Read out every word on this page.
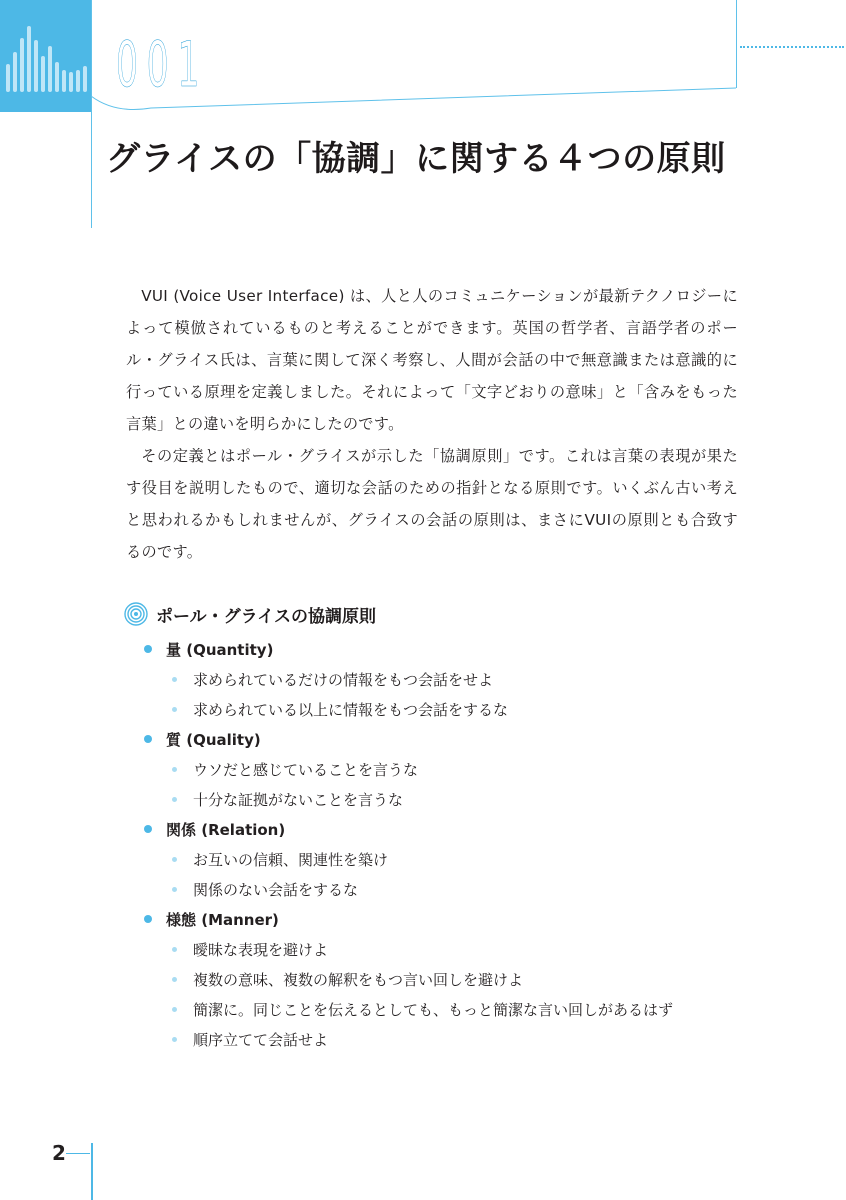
001
グライスの「協調」に関する４つの原則

VUI (Voice User Interface) は、人と人のコミュニケーションが最新テクノロジーによって模倣されているものと考えることができます。英国の哲学者、言語学者のポール・グライス氏は、言葉に関して深く考察し、人間が会話の中で無意識または意識的に行っている原理を定義しました。それによって「文字どおりの意味」と「含みをもった言葉」との違いを明らかにしたのです。

その定義とはポール・グライスが示した「協調原則」です。これは言葉の表現が果たす役目を説明したもので、適切な会話のための指針となる原則です。いくぶん古い考えと思われるかもしれませんが、グライスの会話の原則は、まさにVUIの原則とも合致するのです。

ポール・グライスの協調原則
量 (Quantity)
求められているだけの情報をもつ会話をせよ
求められている以上に情報をもつ会話をするな
質 (Quality)
ウソだと感じていることを言うな
十分な証拠がないことを言うな
関係 (Relation)
お互いの信頼、関連性を築け
関係のない会話をするな
様態 (Manner)
曖昧な表現を避けよ
複数の意味、複数の解釈をもつ言い回しを避けよ
簡潔に。同じことを伝えるとしても、もっと簡潔な言い回しがあるはず
順序立てて会話せよ
2
